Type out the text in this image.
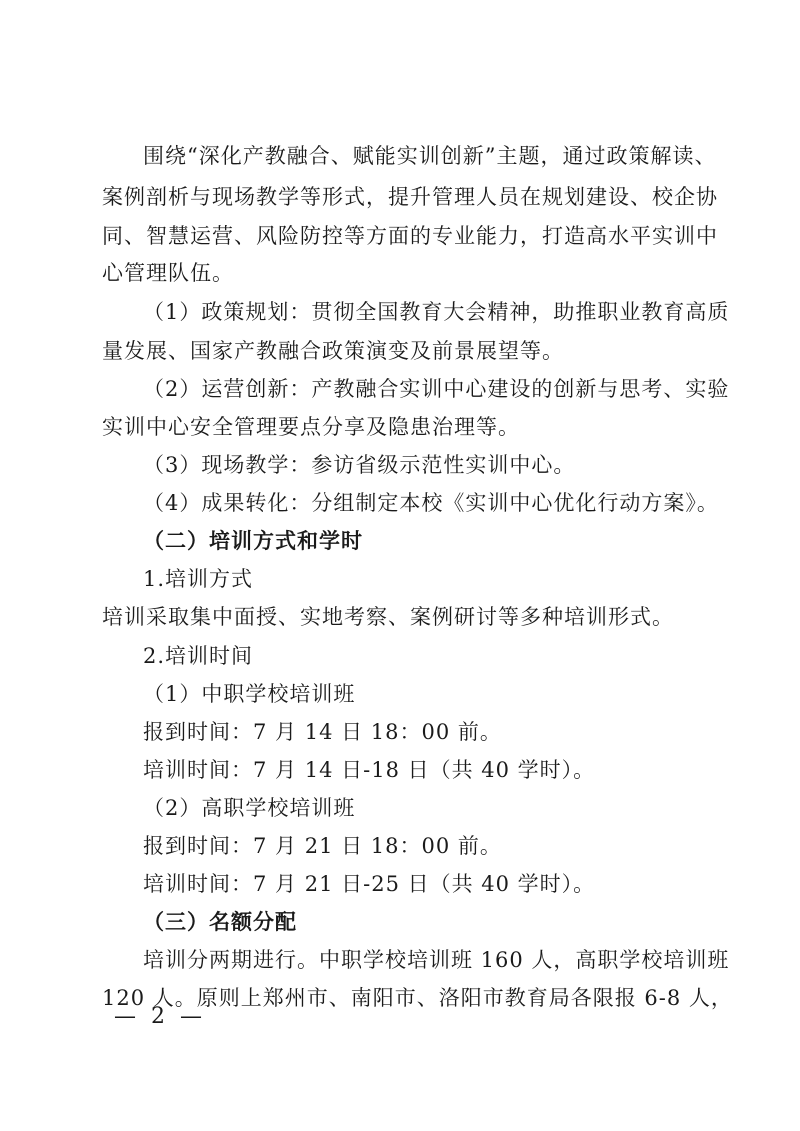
围绕“深化产教融合、赋能实训创新”主题，通过政策解读、
案例剖析与现场教学等形式，提升管理人员在规划建设、校企协
同、智慧运营、风险防控等方面的专业能力，打造高水平实训中
心管理队伍。
（1）政策规划：贯彻全国教育大会精神，助推职业教育高质
量发展、国家产教融合政策演变及前景展望等。
（2）运营创新：产教融合实训中心建设的创新与思考、实验
实训中心安全管理要点分享及隐患治理等。
（3）现场教学：参访省级示范性实训中心。
（4）成果转化：分组制定本校《实训中心优化行动方案》。
（二）培训方式和学时
1.培训方式
培训采取集中面授、实地考察、案例研讨等多种培训形式。
2.培训时间
（1）中职学校培训班
报到时间：7 月 14 日 18：00 前。
培训时间：7 月 14 日-18 日（共 40 学时）。
（2）高职学校培训班
报到时间：7 月 21 日 18：00 前。
培训时间：7 月 21 日-25 日（共 40 学时）。
（三）名额分配
培训分两期进行。中职学校培训班 160 人，高职学校培训班
120 人。原则上郑州市、南阳市、洛阳市教育局各限报 6-8 人，
— 2 —
